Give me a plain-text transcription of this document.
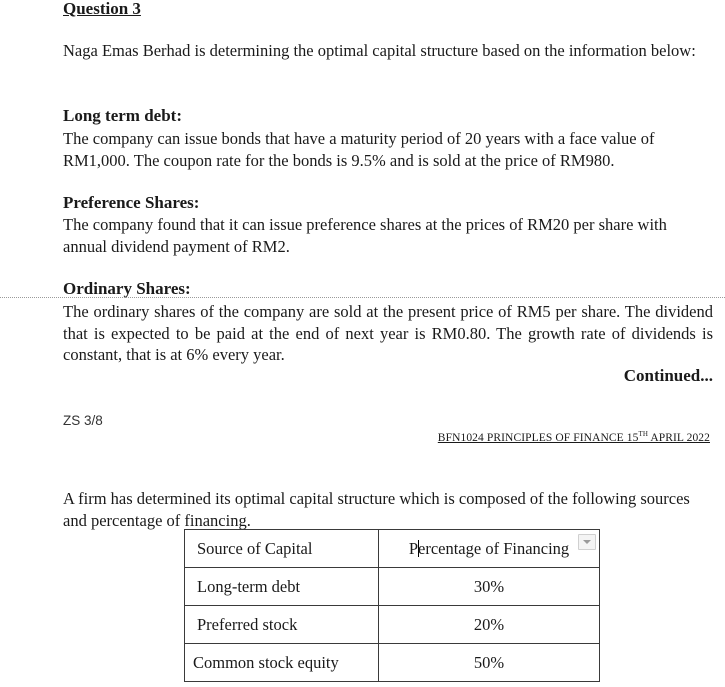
Question 3
Naga Emas Berhad is determining the optimal capital structure based on the information below:
Long term debt:
The company can issue bonds that have a maturity period of 20 years with a face value of RM1,000. The coupon rate for the bonds is 9.5% and is sold at the price of RM980.
Preference Shares:
The company found that it can issue preference shares at the prices of RM20 per share with annual dividend payment of RM2.
Ordinary Shares:
The ordinary shares of the company are sold at the present price of RM5 per share. The dividend that is expected to be paid at the end of next year is RM0.80. The growth rate of dividends is constant, that is at 6% every year.
Continued...
ZS 3/8
BFN1024 PRINCIPLES OF FINANCE 15TH APRIL 2022
A firm has determined its optimal capital structure which is composed of the following sources and percentage of financing.
Source of Capital	Percentage of Financing

Long-term debt	30%
Preferred stock	20%
Common stock equity	50%
